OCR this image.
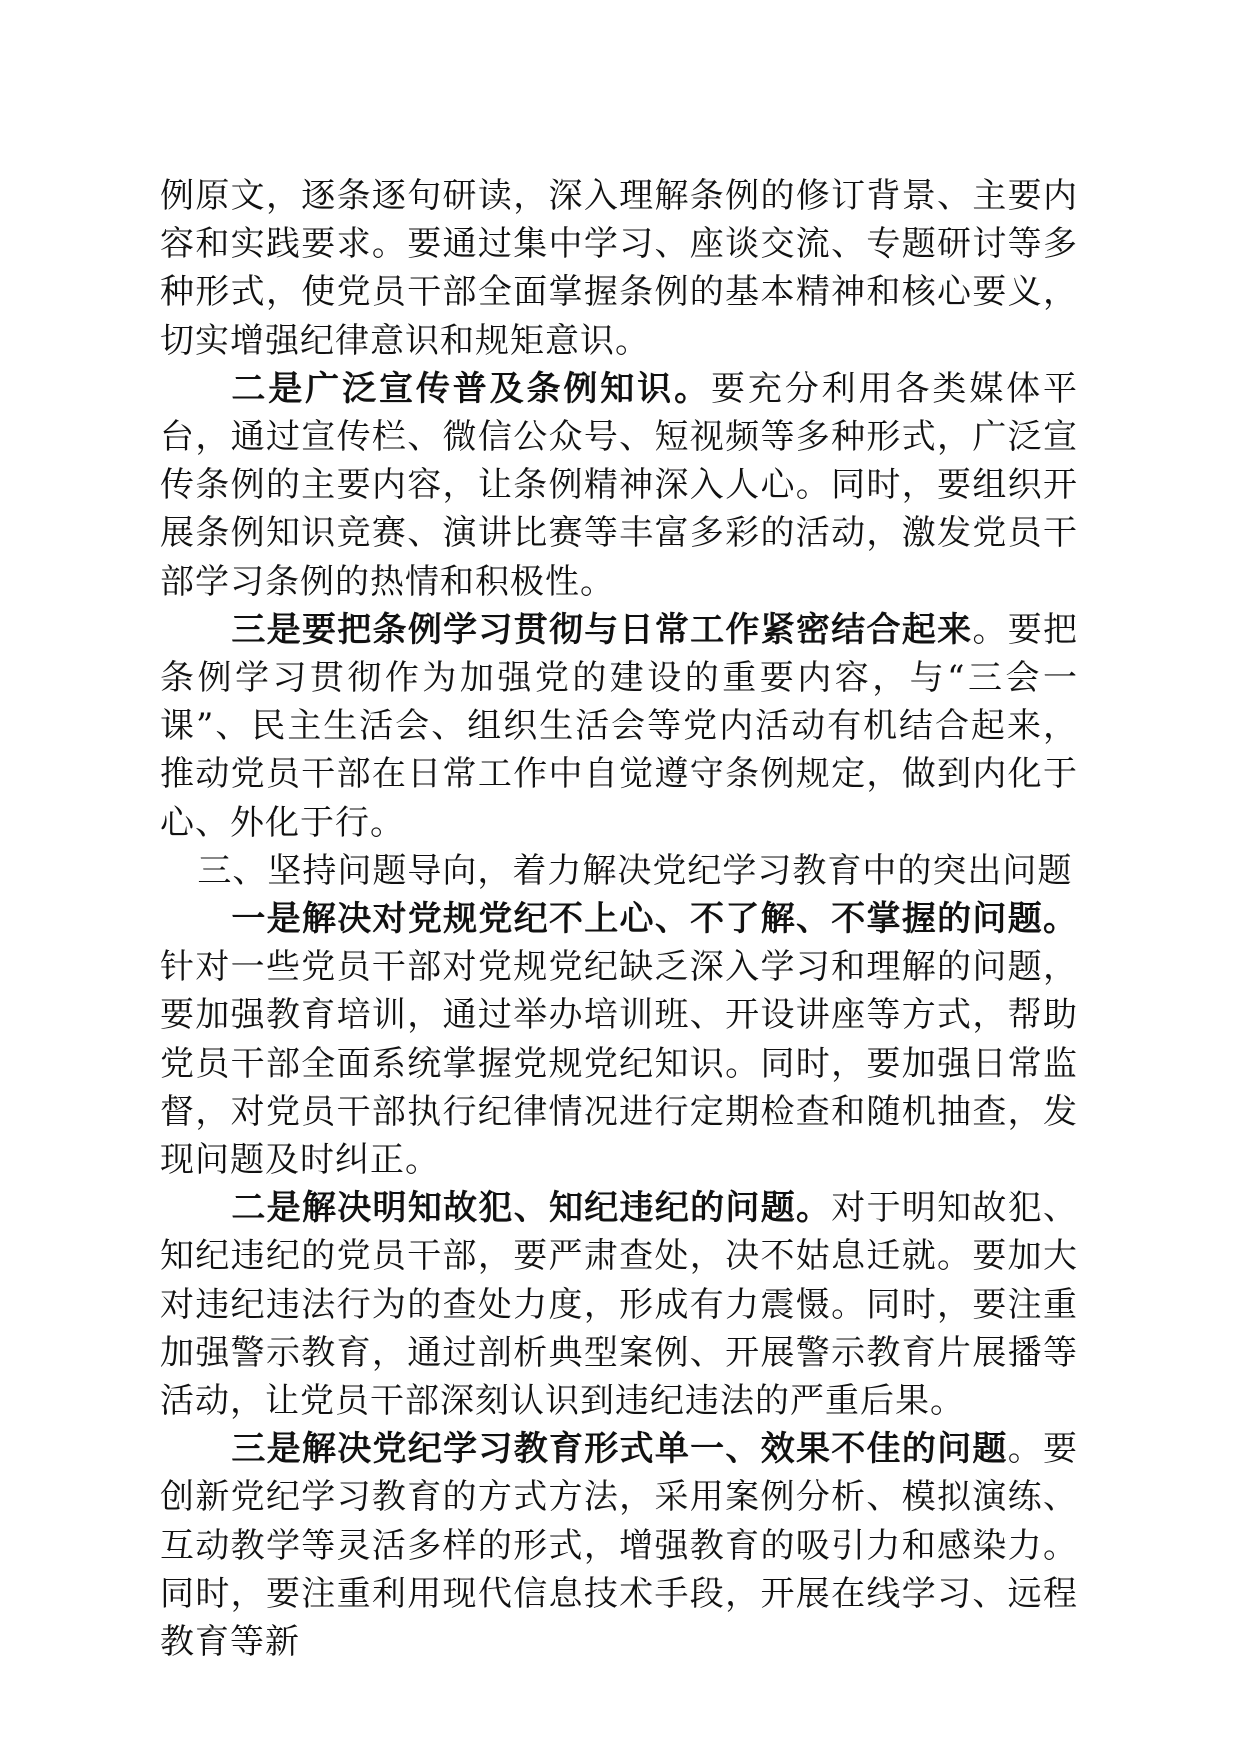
例原文，逐条逐句研读，深入理解条例的修订背景、主要内容和实践要求。要通过集中学习、座谈交流、专题研讨等多种形式，使党员干部全面掌握条例的基本精神和核心要义，切实增强纪律意识和规矩意识。

二是广泛宣传普及条例知识。要充分利用各类媒体平台，通过宣传栏、微信公众号、短视频等多种形式，广泛宣传条例的主要内容，让条例精神深入人心。同时，要组织开展条例知识竞赛、演讲比赛等丰富多彩的活动，激发党员干部学习条例的热情和积极性。

三是要把条例学习贯彻与日常工作紧密结合起来。要把条例学习贯彻作为加强党的建设的重要内容，与“三会一课”、民主生活会、组织生活会等党内活动有机结合起来，推动党员干部在日常工作中自觉遵守条例规定，做到内化于心、外化于行。

三、坚持问题导向，着力解决党纪学习教育中的突出问题

一是解决对党规党纪不上心、不了解、不掌握的问题。针对一些党员干部对党规党纪缺乏深入学习和理解的问题，要加强教育培训，通过举办培训班、开设讲座等方式，帮助党员干部全面系统掌握党规党纪知识。同时，要加强日常监督，对党员干部执行纪律情况进行定期检查和随机抽查，发现问题及时纠正。

二是解决明知故犯、知纪违纪的问题。对于明知故犯、知纪违纪的党员干部，要严肃查处，决不姑息迁就。要加大对违纪违法行为的查处力度，形成有力震慑。同时，要注重加强警示教育，通过剖析典型案例、开展警示教育片展播等活动，让党员干部深刻认识到违纪违法的严重后果。

三是解决党纪学习教育形式单一、效果不佳的问题。要创新党纪学习教育的方式方法，采用案例分析、模拟演练、互动教学等灵活多样的形式，增强教育的吸引力和感染力。同时，要注重利用现代信息技术手段，开展在线学习、远程教育等新
